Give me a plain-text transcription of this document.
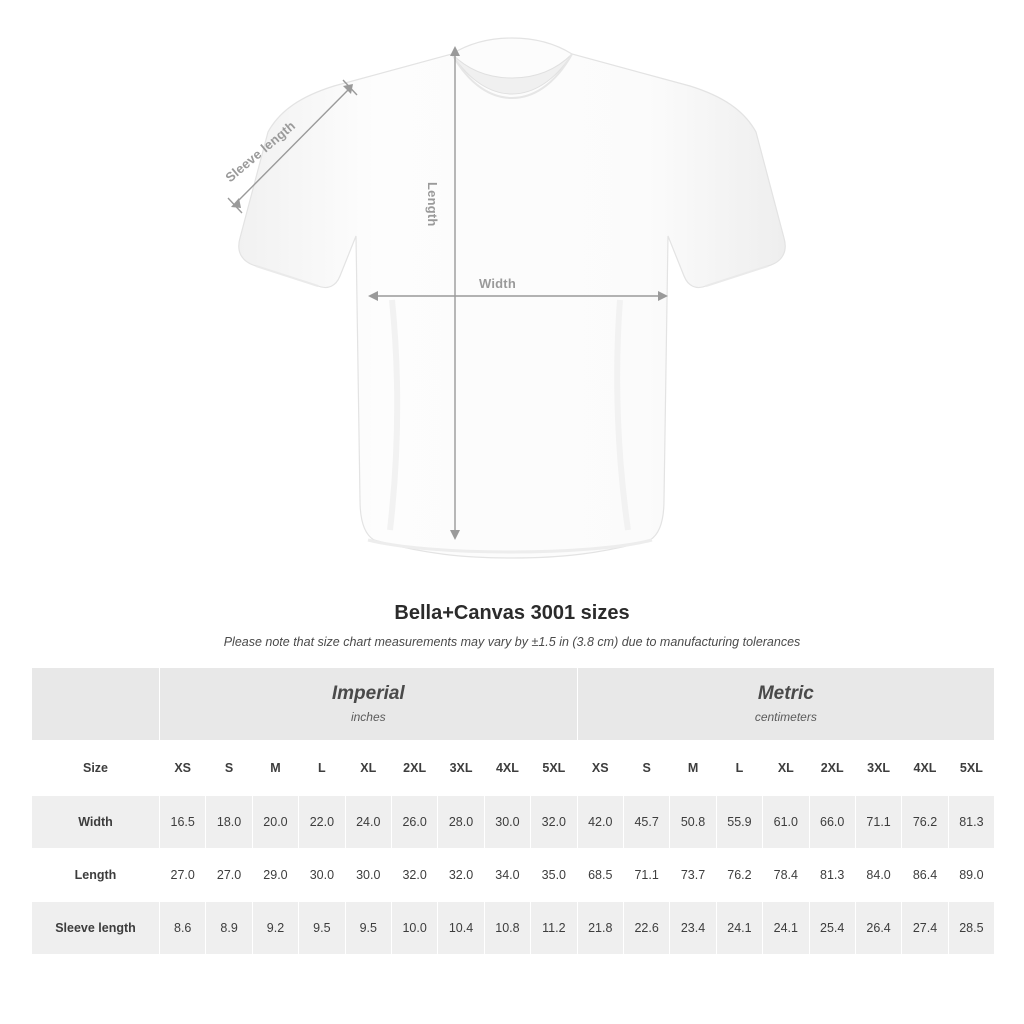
Width
Length
Sleeve length
Bella+Canvas 3001 sizes
Please note that size chart measurements may vary by ±1.5 in (3.8 cm) due to manufacturing tolerances

Imperial
inches

Metric
centimeters

Size	XS	S	M	L	XL	2XL	3XL	4XL	5XL	XS	S	M	L	XL	2XL	3XL	4XL	5XL
Width	16.5	18.0	20.0	22.0	24.0	26.0	28.0	30.0	32.0	42.0	45.7	50.8	55.9	61.0	66.0	71.1	76.2	81.3
Length	27.0	27.0	29.0	30.0	30.0	32.0	32.0	34.0	35.0	68.5	71.1	73.7	76.2	78.4	81.3	84.0	86.4	89.0
Sleeve length	8.6	8.9	9.2	9.5	9.5	10.0	10.4	10.8	11.2	21.8	22.6	23.4	24.1	24.1	25.4	26.4	27.4	28.5
